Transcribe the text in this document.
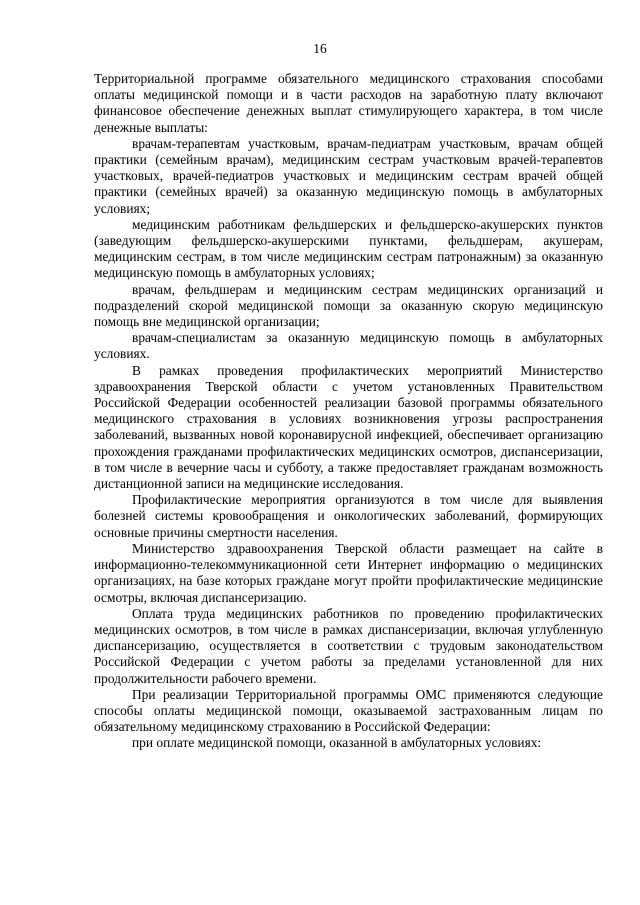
16

Территориальной программе обязательного медицинского страхования способами оплаты медицинской помощи и в части расходов на заработную плату включают финансовое обеспечение денежных выплат стимулирующего характера, в том числе денежные выплаты:

врачам-терапевтам участковым, врачам-педиатрам участковым, врачам общей практики (семейным врачам), медицинским сестрам участковым врачей-терапевтов участковых, врачей-педиатров участковых и медицинским сестрам врачей общей практики (семейных врачей) за оказанную медицинскую помощь в амбулаторных условиях;

медицинским работникам фельдшерских и фельдшерско-акушерских пунктов (заведующим фельдшерско-акушерскими пунктами, фельдшерам, акушерам, медицинским сестрам, в том числе медицинским сестрам патронажным) за оказанную медицинскую помощь в амбулаторных условиях;

врачам, фельдшерам и медицинским сестрам медицинских организаций и подразделений скорой медицинской помощи за оказанную скорую медицинскую помощь вне медицинской организации;

врачам-специалистам за оказанную медицинскую помощь в амбулаторных условиях.

В рамках проведения профилактических мероприятий Министерство здравоохранения Тверской области с учетом установленных Правительством Российской Федерации особенностей реализации базовой программы обязательного медицинского страхования в условиях возникновения угрозы распространения заболеваний, вызванных новой коронавирусной инфекцией, обеспечивает организацию прохождения гражданами профилактических медицинских осмотров, диспансеризации, в том числе в вечерние часы и субботу, а также предоставляет гражданам возможность дистанционной записи на медицинские исследования.

Профилактические мероприятия организуются в том числе для выявления болезней системы кровообращения и онкологических заболеваний, формирующих основные причины смертности населения.

Министерство здравоохранения Тверской области размещает на сайте в информационно-телекоммуникационной сети Интернет информацию о медицинских организациях, на базе которых граждане могут пройти профилактические медицинские осмотры, включая диспансеризацию.

Оплата труда медицинских работников по проведению профилактических медицинских осмотров, в том числе в рамках диспансеризации, включая углубленную диспансеризацию, осуществляется в соответствии с трудовым законодательством Российской Федерации с учетом работы за пределами установленной для них продолжительности рабочего времени.

При реализации Территориальной программы ОМС применяются следующие способы оплаты медицинской помощи, оказываемой застрахованным лицам по обязательному медицинскому страхованию в Российской Федерации:

при оплате медицинской помощи, оказанной в амбулаторных условиях:
